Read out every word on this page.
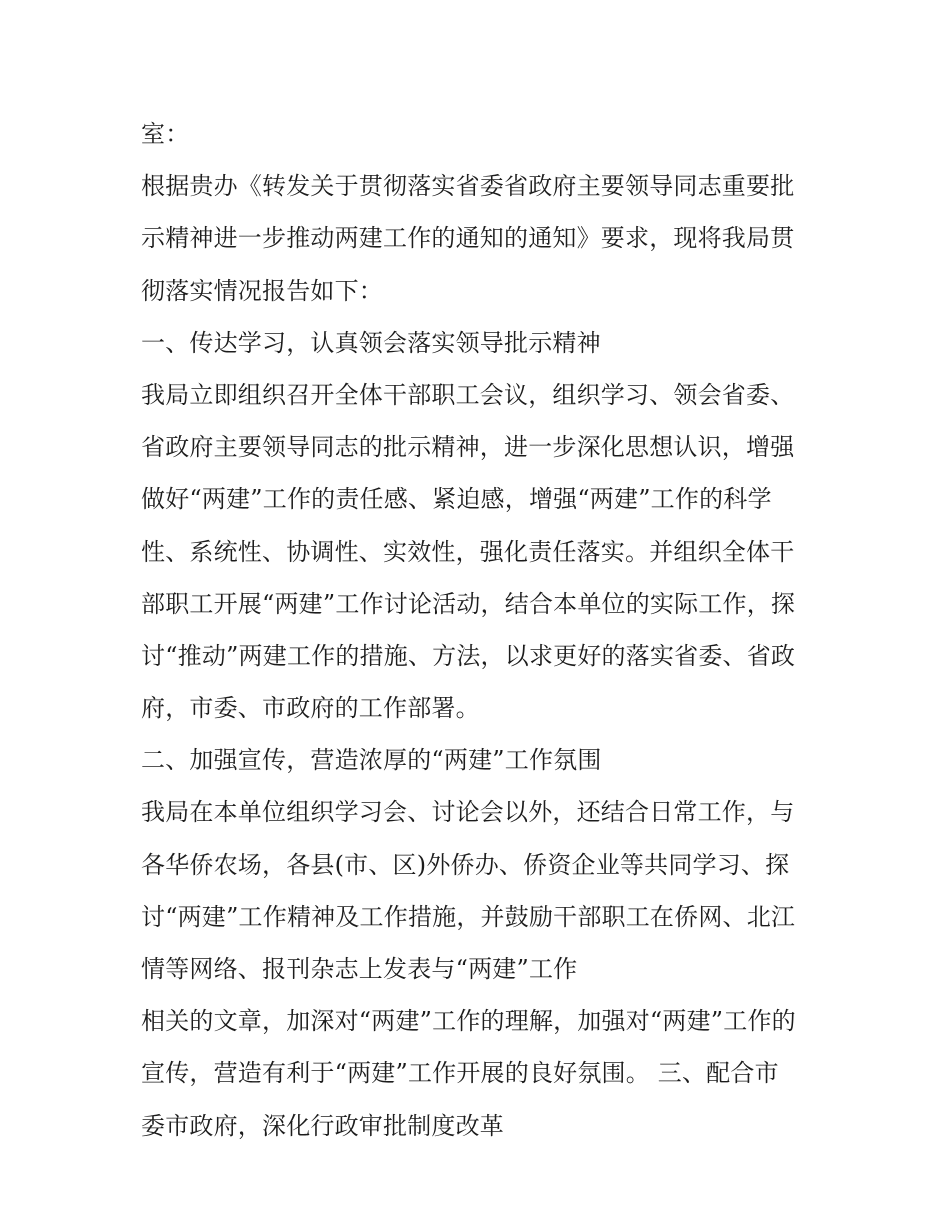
室：
根据贵办《转发关于贯彻落实省委省政府主要领导同志重要批
示精神进一步推动两建工作的通知的通知》要求，现将我局贯
彻落实情况报告如下：
一、传达学习，认真领会落实领导批示精神
我局立即组织召开全体干部职工会议，组织学习、领会省委、
省政府主要领导同志的批示精神，进一步深化思想认识，增强
做好“两建”工作的责任感、紧迫感，增强“两建”工作的科学
性、系统性、协调性、实效性，强化责任落实。并组织全体干
部职工开展“两建”工作讨论活动，结合本单位的实际工作，探
讨“推动”两建工作的措施、方法，以求更好的落实省委、省政
府，市委、市政府的工作部署。
二、加强宣传，营造浓厚的“两建”工作氛围
我局在本单位组织学习会、讨论会以外，还结合日常工作，与
各华侨农场，各县(市、区)外侨办、侨资企业等共同学习、探
讨“两建”工作精神及工作措施，并鼓励干部职工在侨网、北江
情等网络、报刊杂志上发表与“两建”工作
相关的文章，加深对“两建”工作的理解，加强对“两建”工作的
宣传，营造有利于“两建”工作开展的良好氛围。 三、配合市
委市政府，深化行政审批制度改革
